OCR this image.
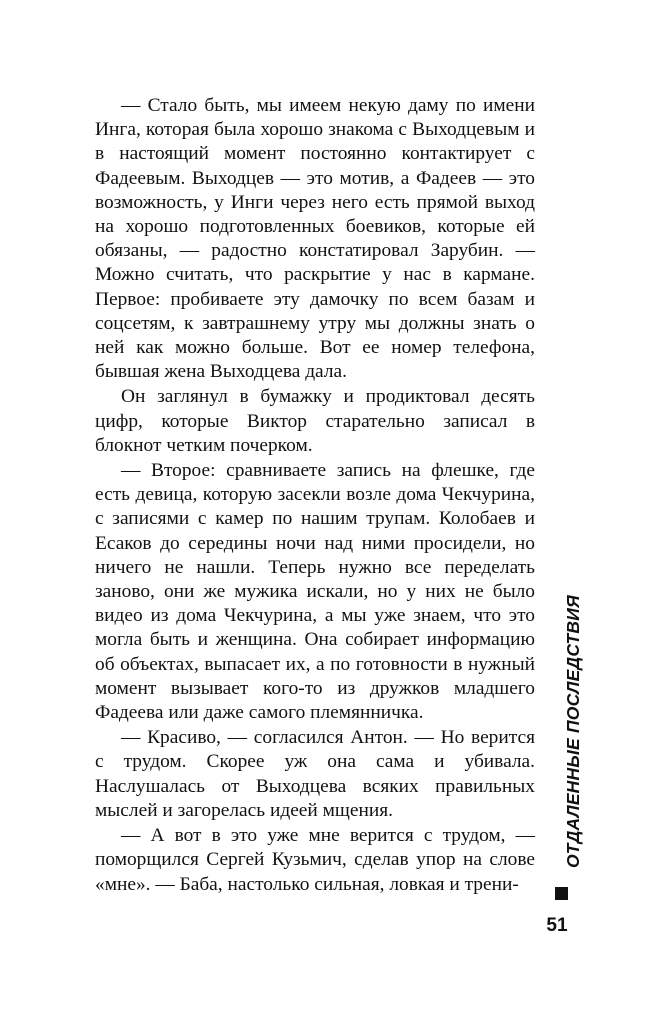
— Стало быть, мы имеем некую даму по имени Инга, которая была хорошо знакома с Выходцевым и в настоящий момент постоянно контактирует с Фадеевым. Выходцев — это мотив, а Фадеев — это возможность, у Инги через него есть прямой выход на хорошо подготовленных боевиков, которые ей обязаны, — радостно констатировал Зарубин. — Можно считать, что раскрытие у нас в кармане. Первое: пробиваете эту дамочку по всем базам и соцсетям, к завтрашнему утру мы должны знать о ней как можно больше. Вот ее номер телефона, бывшая жена Выходцева дала.

Он заглянул в бумажку и продиктовал десять цифр, которые Виктор старательно записал в блокнот четким почерком.

— Второе: сравниваете запись на флешке, где есть девица, которую засекли возле дома Чекчурина, с записями с камер по нашим трупам. Колобаев и Есаков до середины ночи над ними просидели, но ничего не нашли. Теперь нужно все переделать заново, они же мужика искали, но у них не было видео из дома Чекчурина, а мы уже знаем, что это могла быть и женщина. Она собирает информацию об объектах, выпасает их, а по готовности в нужный момент вызывает кого-то из дружков младшего Фадеева или даже самого племянничка.

— Красиво, — согласился Антон. — Но верится с трудом. Скорее уж она сама и убивала. Наслушалась от Выходцева всяких правильных мыслей и загорелась идеей мщения.

— А вот в это уже мне верится с трудом, — поморщился Сергей Кузьмич, сделав упор на слове «мне». — Баба, настолько сильная, ловкая и трени-

ОТДАЛЕННЫЕ ПОСЛЕДСТВИЯ
51
